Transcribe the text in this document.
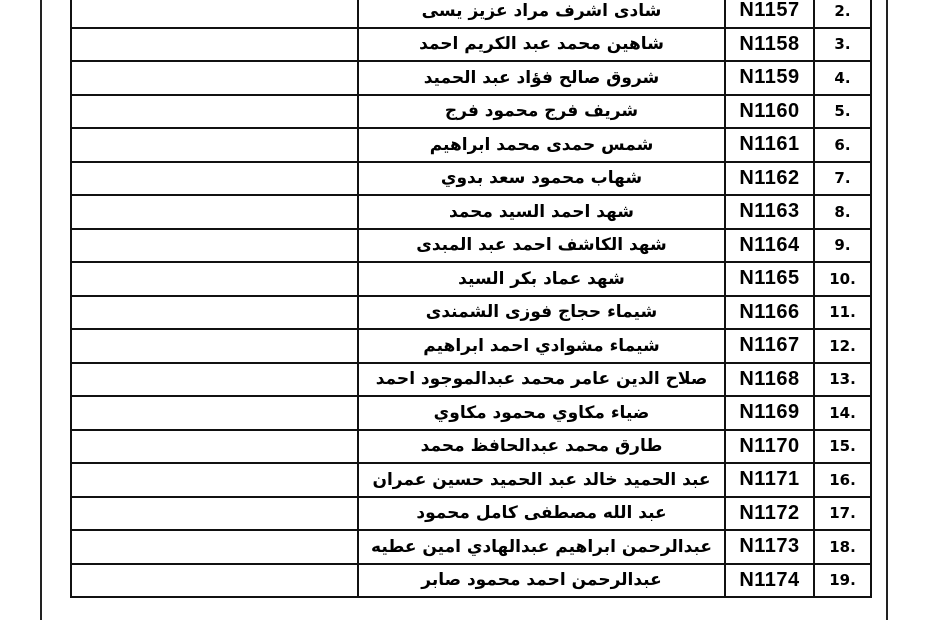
.2	N1157	شادى اشرف مراد عزيز يسى	
.3	N1158	شاهين محمد عبد الكريم احمد	
.4	N1159	شروق صالح فؤاد عبد الحميد	
.5	N1160	شريف فرج محمود فرج	
.6	N1161	شمس حمدى محمد ابراهيم	
.7	N1162	شهاب محمود سعد بدوي	
.8	N1163	شهد احمد السيد محمد	
.9	N1164	شهد الكاشف احمد عبد المبدى	
.10	N1165	شهد عماد بكر السيد	
.11	N1166	شيماء حجاج فوزى الشمندى	
.12	N1167	شيماء مشوادي احمد ابراهيم	
.13	N1168	صلاح الدين عامر محمد عبدالموجود احمد	
.14	N1169	ضياء مكاوي محمود مكاوي	
.15	N1170	طارق محمد عبدالحافظ محمد	
.16	N1171	عبد الحميد خالد عبد الحميد حسين عمران	
.17	N1172	عبد الله مصطفى كامل محمود	
.18	N1173	عبدالرحمن ابراهيم عبدالهادي امين عطيه	
.19	N1174	عبدالرحمن احمد محمود صابر	
